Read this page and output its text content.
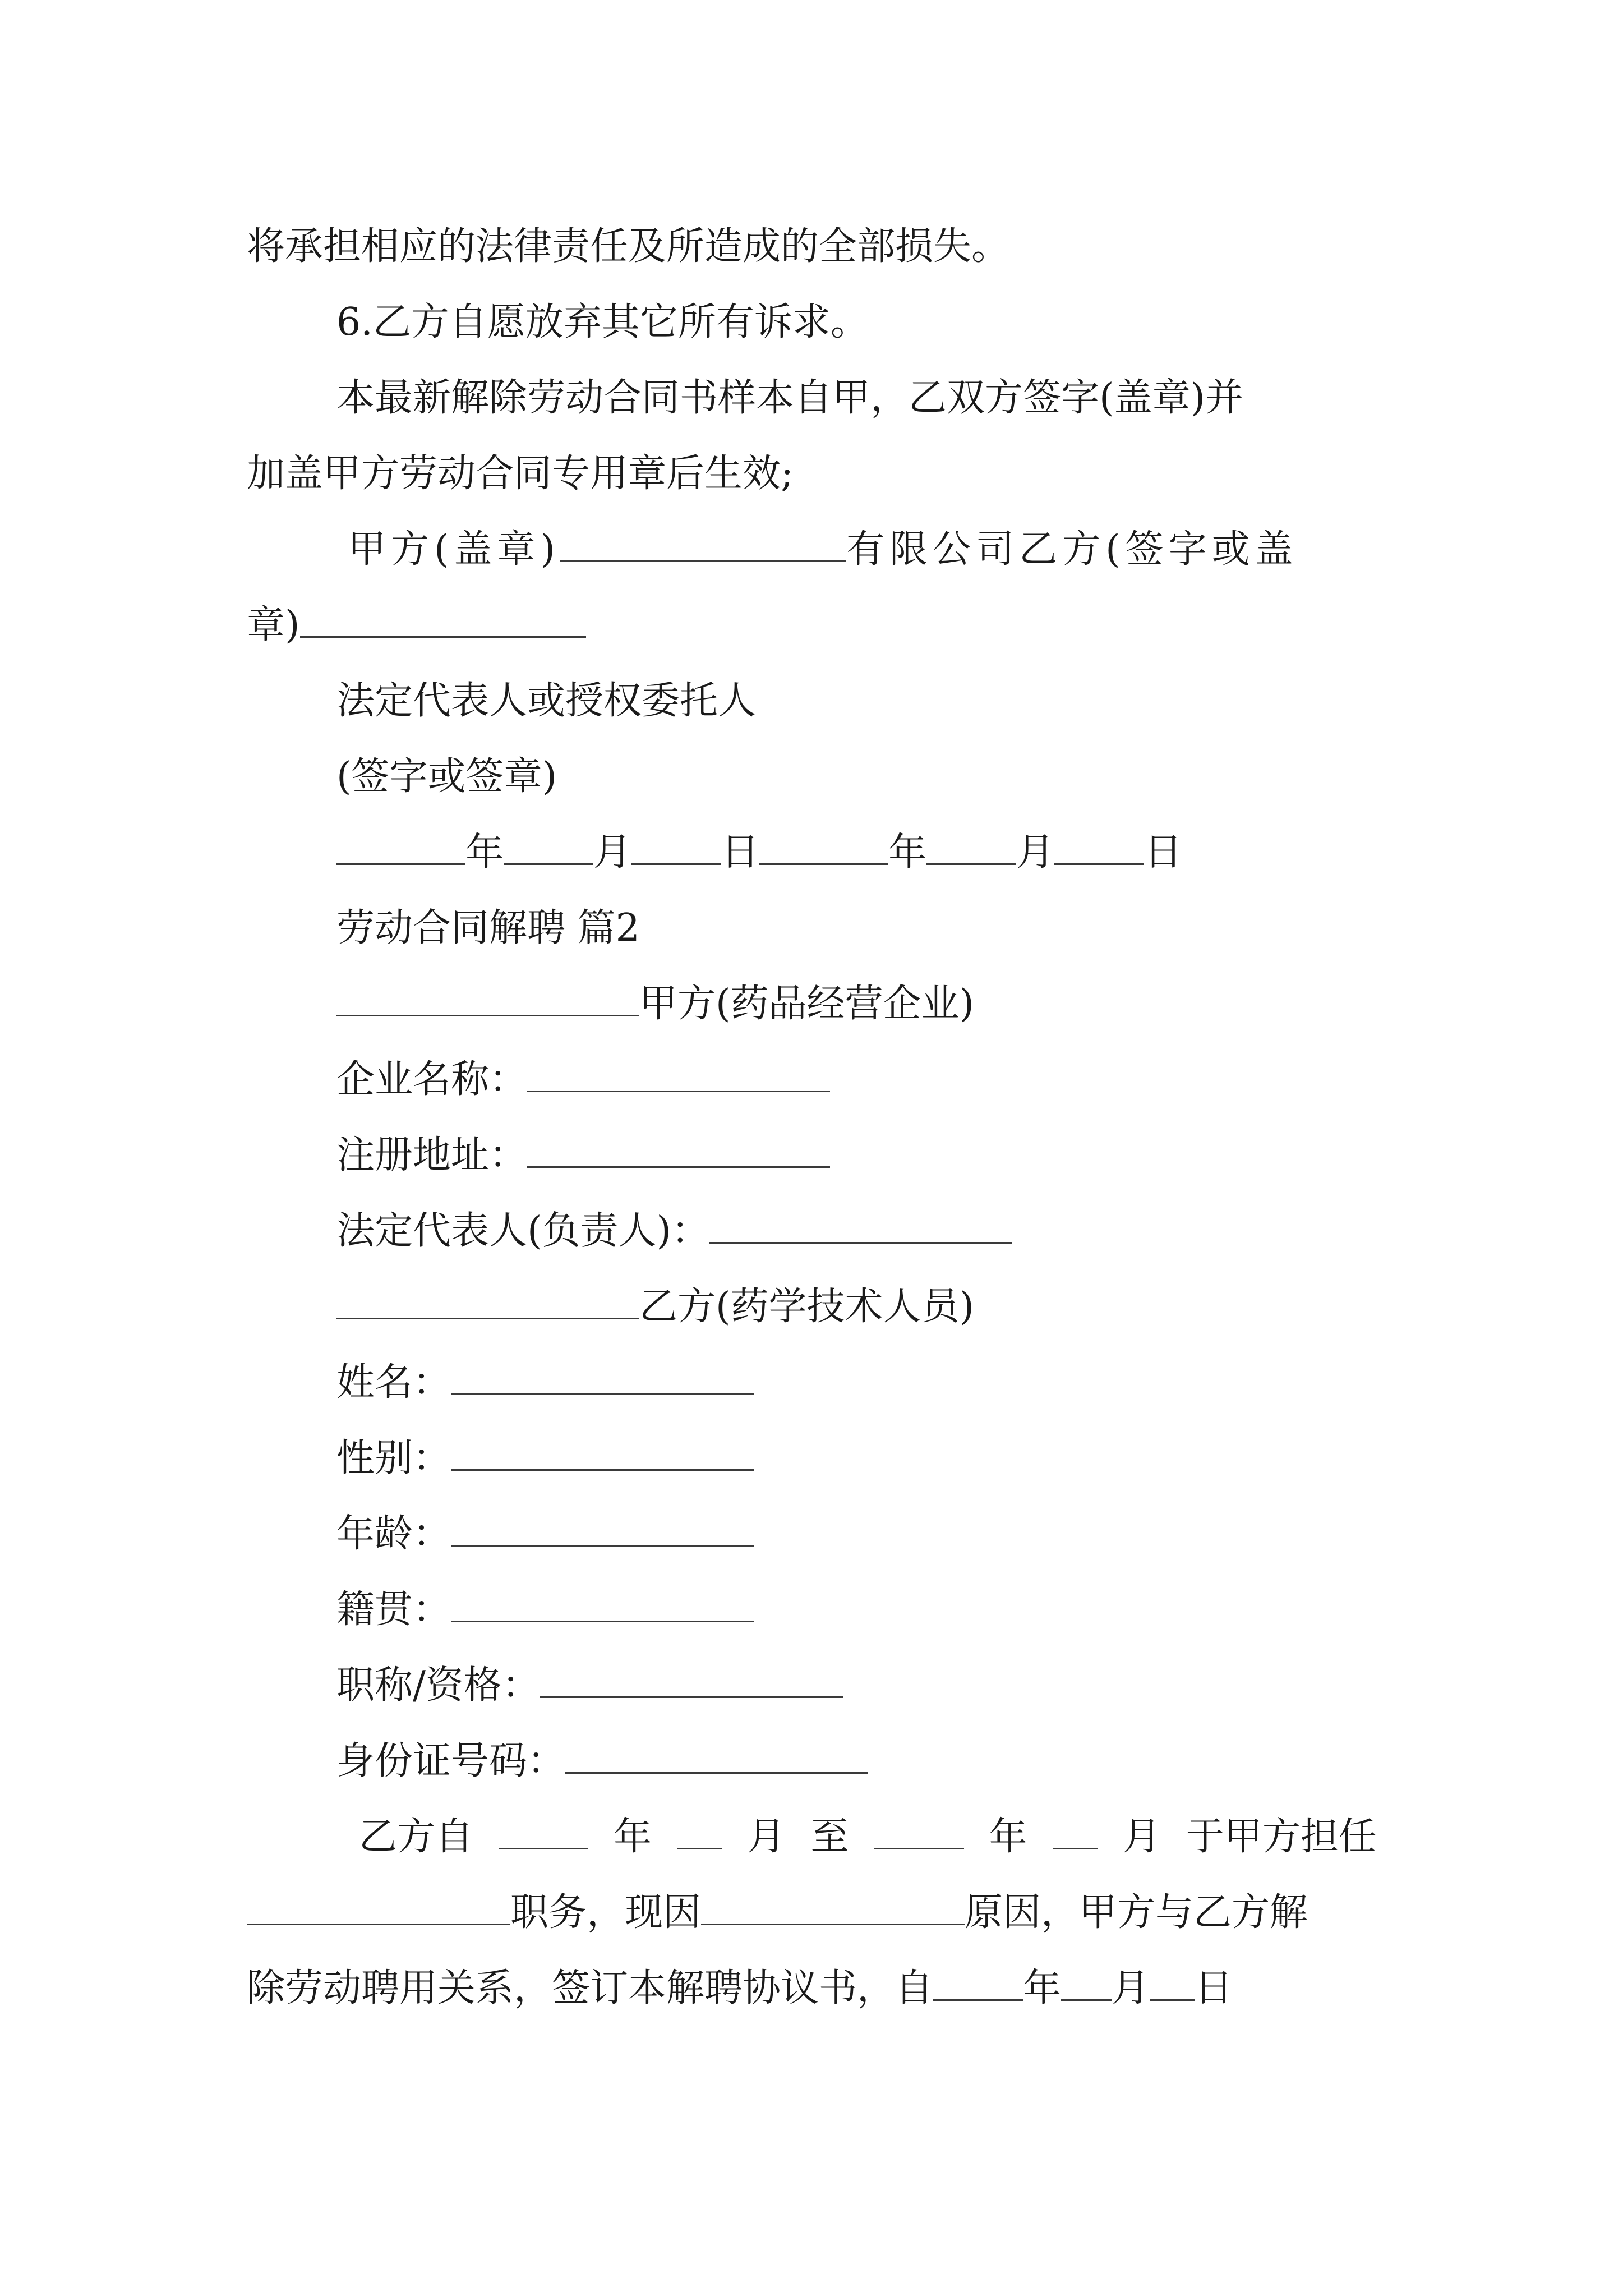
将承担相应的法律责任及所造成的全部损失。
6.乙方自愿放弃其它所有诉求。
本最新解除劳动合同书样本自甲，乙双方签字(盖章)并
加盖甲方劳动合同专用章后生效;
甲方(盖章)	有限公司乙方(签字或盖
章)
法定代表人或授权委托人
(签字或签章)
年 月 日	年 月 日
劳动合同解聘 篇2
甲方(药品经营企业)
企业名称：
注册地址：
法定代表人(负责人)：
乙方(药学技术人员)
姓名：
性别：
年龄：
籍贯：
职称/资格：
身份证号码：
乙方自	年	月 至	年	月 于甲方担任
职务，现因	原因，甲方与乙方解
除劳动聘用关系，签订本解聘协议书，自 年 月 日
